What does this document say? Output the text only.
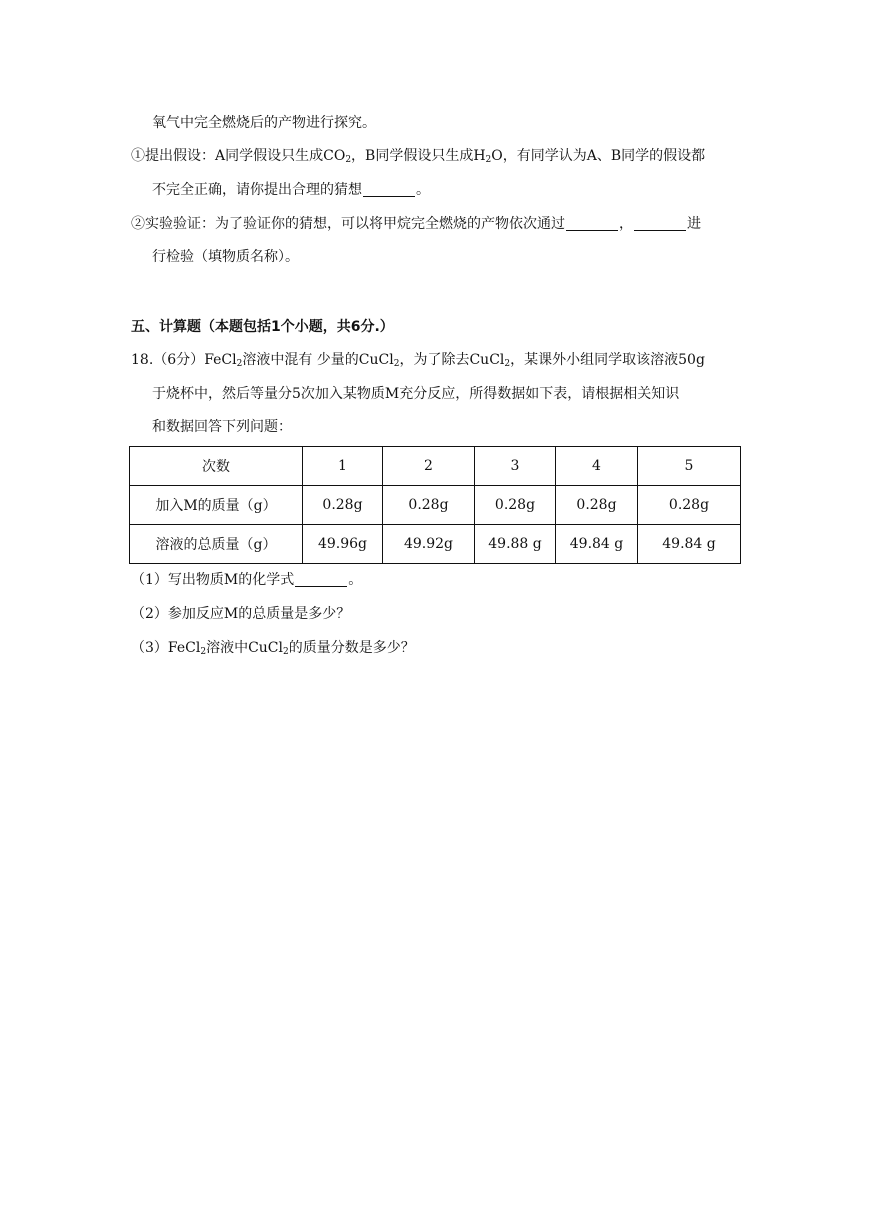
氧气中完全燃烧后的产物进行探究。
①提出假设：A同学假设只生成$CO_2$，B同学假设只生成$H_2O$，有同学认为A、B同学的假设都
不完全正确，请你提出合理的猜想	。
②实验验证：为了验证你的猜想，可以将甲烷完全燃烧的产物依次通过	，	进
行检验（填物质名称）。
五、计算题（本题包括1个小题，共6分.）
18.（6分）FeCl$_2$溶液中混有 少量的CuCl$_2$，为了除去CuCl$_2$，某课外小组同学取该溶液50g
于烧杯中，然后等量分5次加入某物质M充分反应，所得数据如下表，请根据相关知识
和数据回答下列问题：
次数	1	2	3	4	5
加入M的质量（g）	0.28g	0.28g	0.28g	0.28g	0.28g
溶液的总质量（g）	49.96g	49.92g	49.88 g	49.84 g	49.84 g
（1）写出物质M的化学式	。
（2）参加反应M的总质量是多少？
（3）FeCl$_2$溶液中CuCl$_2$的质量分数是多少？
